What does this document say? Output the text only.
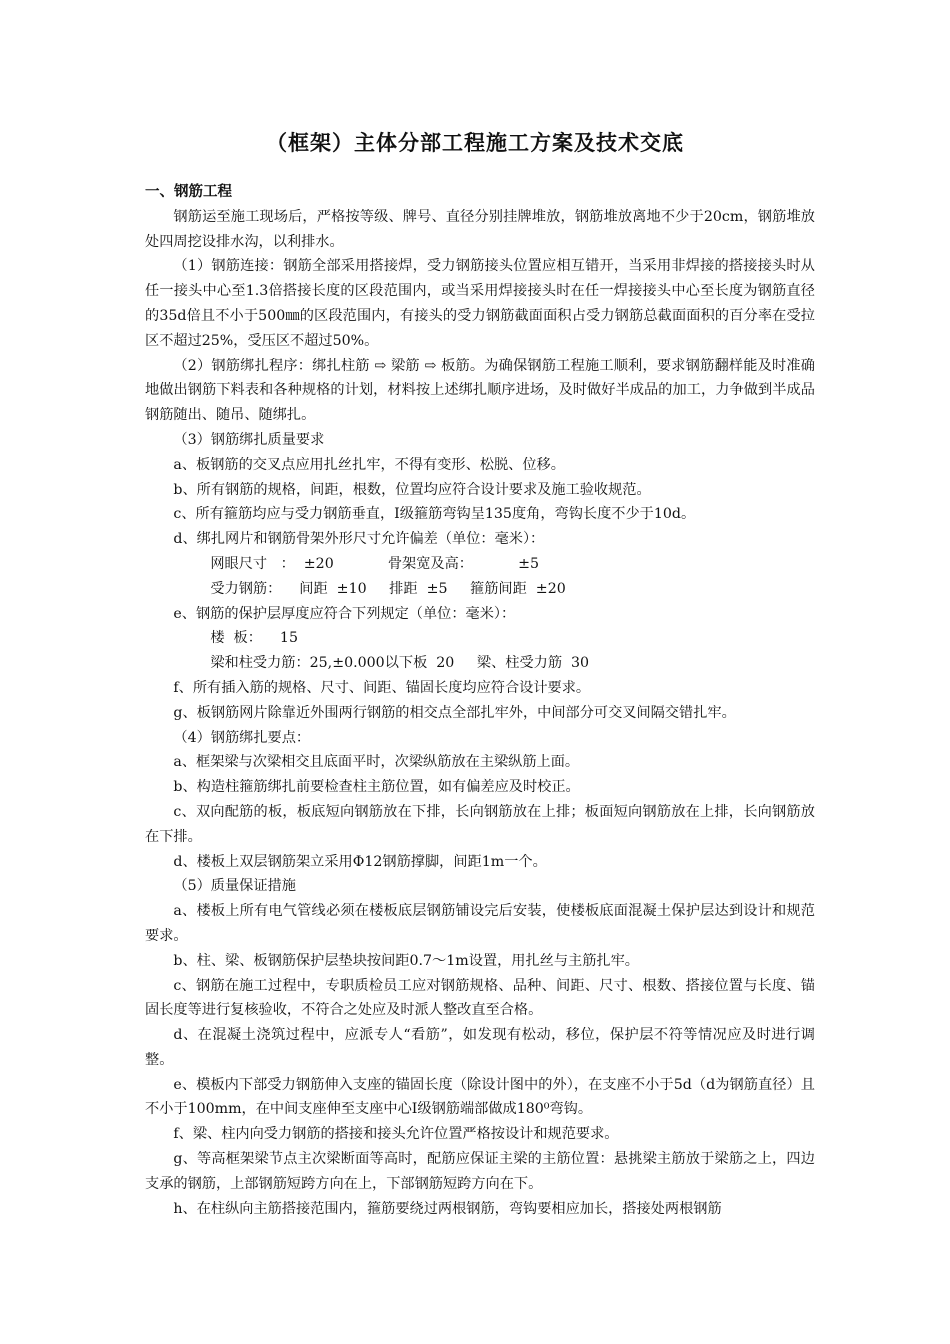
（框架）主体分部工程施工方案及技术交底
一、钢筋工程

钢筋运至施工现场后，严格按等级、牌号、直径分别挂牌堆放，钢筋堆放离地不少于20cm，钢筋堆放处四周挖设排水沟，以利排水。

（1）钢筋连接：钢筋全部采用搭接焊，受力钢筋接头位置应相互错开，当采用非焊接的搭接接头时从任一接头中心至1.3倍搭接长度的区段范围内，或当采用焊接接头时在任一焊接接头中心至长度为钢筋直径的35d倍且不小于500㎜的区段范围内，有接头的受力钢筋截面面积占受力钢筋总截面面积的百分率在受拉区不超过25%，受压区不超过50%。

（2）钢筋绑扎程序：绑扎柱筋 ⇨ 梁筋 ⇨ 板筋。为确保钢筋工程施工顺利，要求钢筋翻样能及时准确地做出钢筋下料表和各种规格的计划，材料按上述绑扎顺序进场，及时做好半成品的加工，力争做到半成品钢筋随出、随吊、随绑扎。

（3）钢筋绑扎质量要求

a、板钢筋的交叉点应用扎丝扎牢，不得有变形、松脱、位移。

b、所有钢筋的规格，间距，根数，位置均应符合设计要求及施工验收规范。

c、所有箍筋均应与受力钢筋垂直，Ⅰ级箍筋弯钩呈135度角，弯钩长度不少于10d。

d、绑扎网片和钢筋骨架外形尺寸允许偏差（单位：毫米）：

网眼尺寸   ：  ±20            骨架宽及高：          ±5

受力钢筋：    间距  ±10     排距  ±5     箍筋间距  ±20

e、钢筋的保护层厚度应符合下列规定（单位：毫米）：

楼  板：    15

梁和柱受力筋：25,±0.000以下板  20     梁、柱受力筋  30

f、所有插入筋的规格、尺寸、间距、锚固长度均应符合设计要求。

g、板钢筋网片除靠近外围两行钢筋的相交点全部扎牢外，中间部分可交叉间隔交错扎牢。

（4）钢筋绑扎要点：

a、框架梁与次梁相交且底面平时，次梁纵筋放在主梁纵筋上面。

b、构造柱箍筋绑扎前要检查柱主筋位置，如有偏差应及时校正。

c、双向配筋的板，板底短向钢筋放在下排，长向钢筋放在上排；板面短向钢筋放在上排，长向钢筋放在下排。

d、楼板上双层钢筋架立采用Φ12钢筋撑脚，间距1m一个。

（5）质量保证措施

a、楼板上所有电气管线必须在楼板底层钢筋铺设完后安装，使楼板底面混凝土保护层达到设计和规范要求。

b、柱、梁、板钢筋保护层垫块按间距0.7～1m设置，用扎丝与主筋扎牢。

c、钢筋在施工过程中，专职质检员工应对钢筋规格、品种、间距、尺寸、根数、搭接位置与长度、锚固长度等进行复核验收，不符合之处应及时派人整改直至合格。

d、在混凝土浇筑过程中，应派专人“看筋”，如发现有松动，移位，保护层不符等情况应及时进行调整。

e、模板内下部受力钢筋伸入支座的锚固长度（除设计图中的外），在支座不小于5d（d为钢筋直径）且不小于100mm，在中间支座伸至支座中心Ⅰ级钢筋端部做成180⁰弯钩。

f、梁、柱内向受力钢筋的搭接和接头允许位置严格按设计和规范要求。

g、等高框架梁节点主次梁断面等高时，配筋应保证主梁的主筋位置：悬挑梁主筋放于梁筋之上，四边支承的钢筋，上部钢筋短跨方向在上，下部钢筋短跨方向在下。

h、在柱纵向主筋搭接范围内，箍筋要绕过两根钢筋，弯钩要相应加长，搭接处两根钢筋
